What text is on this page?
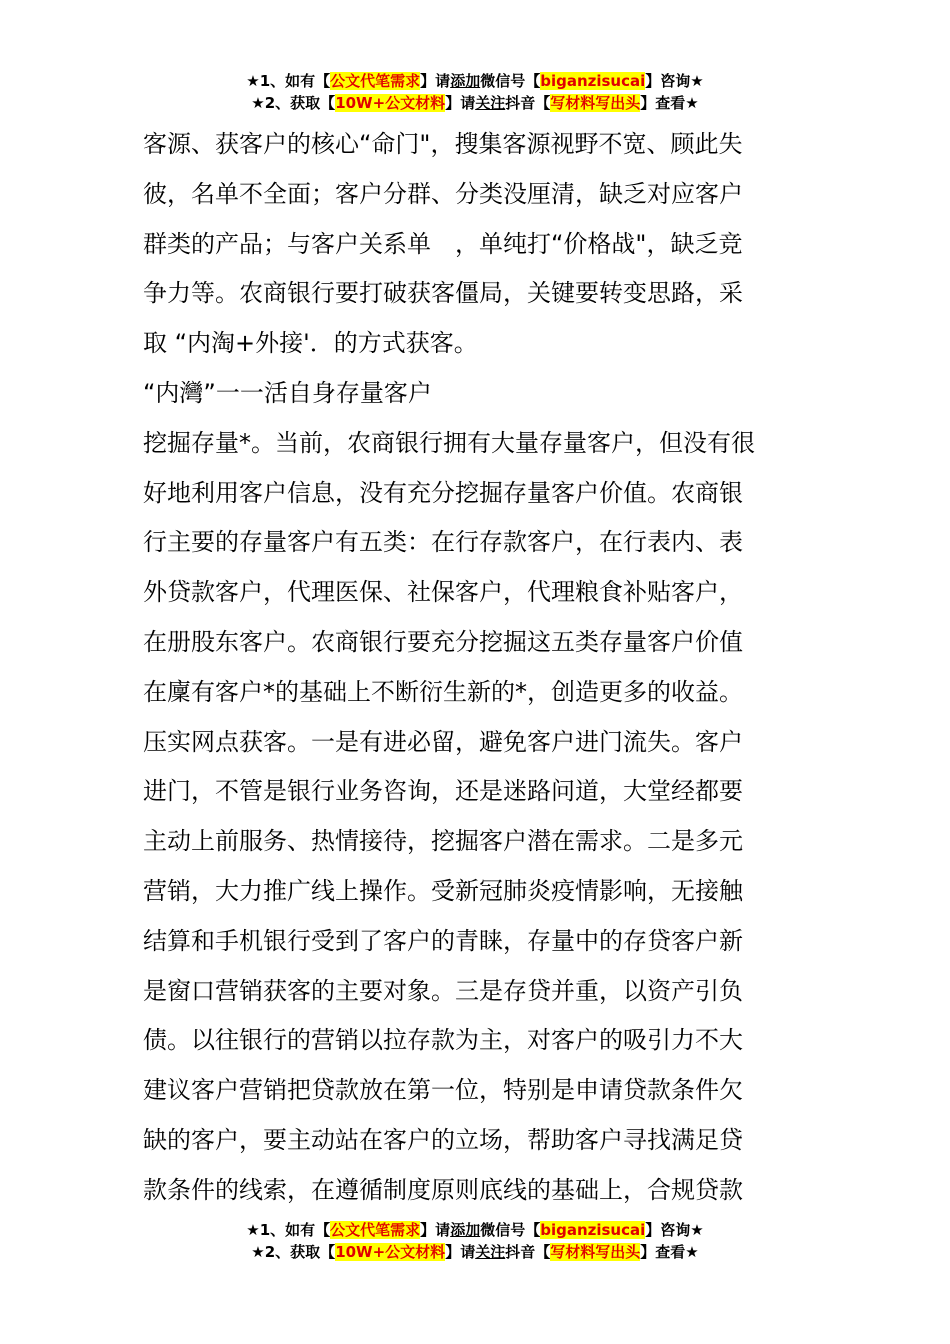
★1、如有【公文代笔需求】请添加微信号【biganzisucai】咨询★
★2、获取【10W+公文材料】请关注抖音【写材料写出头】查看★

客源、获客户的核心“命门"，搜集客源视野不宽、顾此失

彼，名单不全面；客户分群、分类没厘清，缺乏对应客户

群类的产品；与客户关系单　，单纯打“价格战"，缺乏竞

争力等。农商银行要打破获客僵局，关键要转变思路，采

取 “内淘+外接'．的方式获客。

“内灣”一一活自身存量客户

挖掘存量*。当前，农商银行拥有大量存量客户，但没有很

好地利用客户信息，没有充分挖掘存量客户价值。农商银

行主要的存量客户有五类：在行存款客户，在行表内、表

外贷款客户，代理医保、社保客户，代理粮食补贴客户，

在册股东客户。农商银行要充分挖掘这五类存量客户价值

在廩有客户*的基础上不断衍生新的*，创造更多的收益。

压实网点获客。一是有进必留，避免客户进门流失。客户

进门，不管是银行业务咨询，还是迷路问道，大堂经都要

主动上前服务、热情接待，挖掘客户潜在需求。二是多元

营销，大力推广线上操作。受新冠肺炎疫情影响，无接触

结算和手机银行受到了客户的青睐，存量中的存贷客户新

是窗口营销获客的主要对象。三是存贷并重，以资产引负

债。以往银行的营销以拉存款为主，对客户的吸引力不大

建议客户营销把贷款放在第一位，特别是申请贷款条件欠

缺的客户，要主动站在客户的立场，帮助客户寻找满足贷

款条件的线索，在遵循制度原则底线的基础上，合规贷款

★1、如有【公文代笔需求】请添加微信号【biganzisucai】咨询★
★2、获取【10W+公文材料】请关注抖音【写材料写出头】查看★
